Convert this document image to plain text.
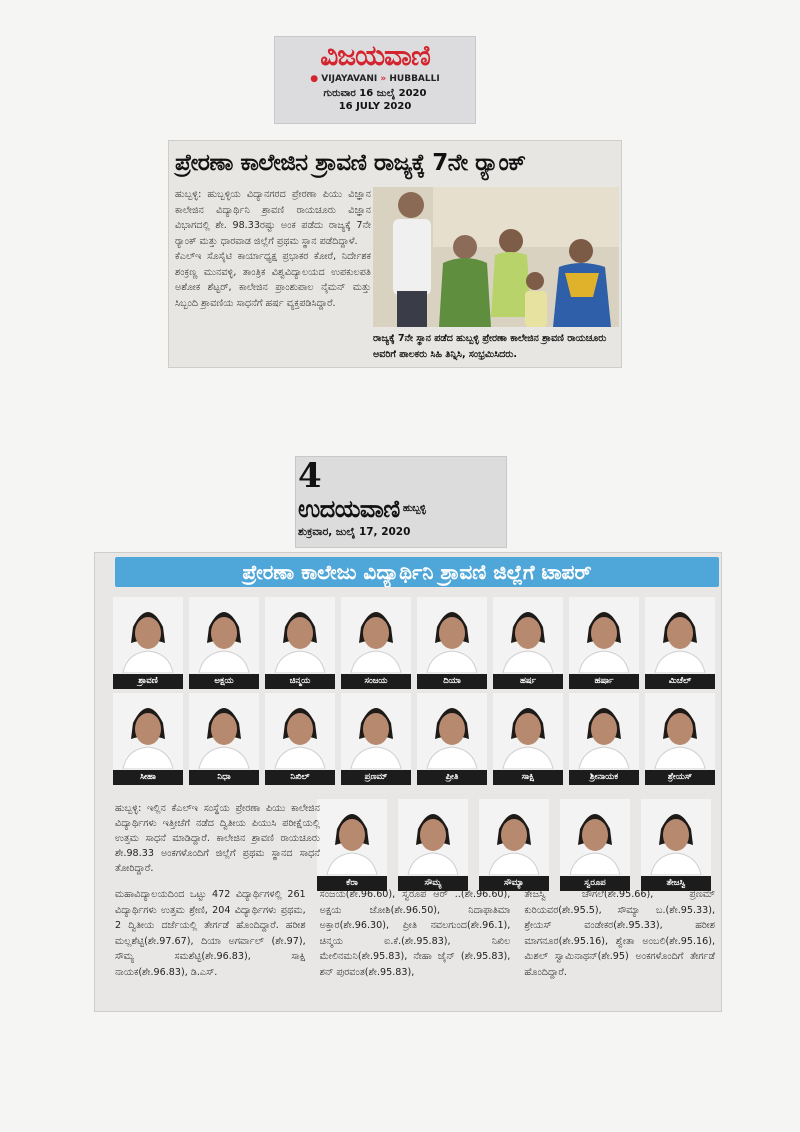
ವಿಜಯವಾಣಿ
● VIJAYAVANI » HUBBALLI
ಗುರುವಾರ 16 ಜುಲೈ 2020
16 JULY 2020
ಪ್ರೇರಣಾ ಕಾಲೇಜಿನ ಶ್ರಾವಣಿ ರಾಜ್ಯಕ್ಕೆ 7ನೇ ರ್‍ಯಾಂಕ್

ಹುಬ್ಬಳ್ಳಿ: ಹುಬ್ಬಳ್ಳಿಯ ವಿದ್ಯಾನಗರದ ಪ್ರೇರಣಾ ಪಿಯು ವಿಜ್ಞಾನ ಕಾಲೇಜಿನ ವಿದ್ಯಾರ್ಥಿನಿ ಶ್ರಾವಣಿ ರಾಯಚೂರು ವಿಜ್ಞಾನ ವಿಭಾಗದಲ್ಲಿ ಶೇ. 98.33ರಷ್ಟು ಅಂಕ ಪಡೆದು ರಾಜ್ಯಕ್ಕೆ 7ನೇ ರ್‍ಯಾಂಕ್ ಮತ್ತು ಧಾರವಾಡ ಜಿಲ್ಲೆಗೆ ಪ್ರಥಮ ಸ್ಥಾನ ಪಡೆದಿದ್ದಾಳೆ.

ಕೆಎಲ್ಇ ಸೊಸೈಟಿ ಕಾರ್ಯಾಧ್ಯಕ್ಷ ಪ್ರಭಾಕರ ಕೋರೆ, ನಿರ್ದೇಶಕ ಶಂಕ್ರಣ್ಣ ಮುನವಳ್ಳಿ, ತಾಂತ್ರಿಕ ವಿಶ್ವವಿದ್ಯಾಲಯದ ಉಪಕುಲಪತಿ ಅಶೋಕ ಶೆಟ್ಟರ್, ಕಾಲೇಜಿನ ಪ್ರಾಂಶುಪಾಲ ನೈಮನ್ ಮತ್ತು ಸಿಬ್ಬಂದಿ ಶ್ರಾವಣಿಯ ಸಾಧನೆಗೆ ಹರ್ಷ ವ್ಯಕ್ತಪಡಿಸಿದ್ದಾರೆ.

ರಾಜ್ಯಕ್ಕೆ 7ನೇ ಸ್ಥಾನ ಪಡೆದ ಹುಬ್ಬಳ್ಳಿ ಪ್ರೇರಣಾ ಕಾಲೇಜಿನ ಶ್ರಾವಣಿ ರಾಯಚೂರು ಅವರಿಗೆ ಪಾಲಕರು ಸಿಹಿ ತಿನ್ನಿಸಿ, ಸಂಭ್ರಮಿಸಿದರು.
4
ಉದಯವಾಣಿ $^{ಹುಬ್ಬಳ್ಳಿ}$
ಶುಕ್ರವಾರ, ಜುಲೈ 17, 2020
ಪ್ರೇರಣಾ ಕಾಲೇಜು ವಿದ್ಯಾರ್ಥಿನಿ ಶ್ರಾವಣಿ ಜಿಲ್ಲೆಗೆ ಟಾಪರ್
ಶ್ರಾವಣಿ	ಅಕ್ಷಯ	ಚಿನ್ಮಯ	ಸಂಜಯ	ದಿಯಾ	ಹರ್ಷ	ಹರ್ಷಾ	ಮಿಚೆಲ್
ಸೀಹಾ	ನಿಧಾ	ನಿಖಿಲ್	ಪ್ರಣಮ್	ಪ್ರೀತಿ	ಸಾಕ್ಷಿ	ಶ್ರೀನಾಯಕ	ಶ್ರೇಯಸ್
ಕೆರಾ	ಸೌಮ್ಯ	ಸೌಮ್ಯಾ	ಸ್ವರೂಪ	ತೇಜಸ್ವಿ
ಹುಬ್ಬಳ್ಳಿ: ಇಲ್ಲಿನ ಕೆಎಲ್ಇ ಸಂಸ್ಥೆಯ ಪ್ರೇರಣಾ ಪಿಯು ಕಾಲೇಜಿನ ವಿದ್ಯಾರ್ಥಿಗಳು ಇತ್ತೀಚೆಗೆ ನಡೆದ ದ್ವಿತೀಯ ಪಿಯುಸಿ ಪರೀಕ್ಷೆಯಲ್ಲಿ ಉತ್ತಮ ಸಾಧನೆ ಮಾಡಿದ್ದಾರೆ. ಕಾಲೇಜಿನ ಶ್ರಾವಣಿ ರಾಯಚೂರು ಶೇ.98.33 ಅಂಕಗಳೊಂದಿಗೆ ಜಿಲ್ಲೆಗೆ ಪ್ರಥಮ ಸ್ಥಾನದ ಸಾಧನೆ ತೋರಿದ್ದಾರೆ.
ಮಹಾವಿದ್ಯಾಲಯದಿಂದ ಒಟ್ಟು 472 ವಿದ್ಯಾರ್ಥಿಗಳಲ್ಲಿ 261 ವಿದ್ಯಾರ್ಥಿಗಳು ಉತ್ತಮ ಶ್ರೇಣಿ, 204 ವಿದ್ಯಾರ್ಥಿಗಳು ಪ್ರಥಮ, 2 ದ್ವಿತೀಯ ದರ್ಜೆಯಲ್ಲಿ ತೇರ್ಗಡೆ ಹೊಂದಿದ್ದಾರೆ. ಹರೀಶ ಮಲ್ಲಶೆಟ್ಟಿ(ಶೇ.97.67), ದಿಯಾ ಅಗರ್ವಾಲ್ (ಶೇ.97), ಸೌಮ್ಯ ಸಮಶೆಟ್ಟಿ(ಶೇ.96.83), ಸಾಕ್ಷಿ ನಾಯಕ(ಶೇ.96.83), ಡಿ.ಎಸ್.
ಸಂಜಯ(ಶೇ.96.60), ಸ್ವರೂಪ ಆರ್ ..(ಶೇ.96.60), ಅಕ್ಷಯ ಜೋಶಿ(ಶೇ.96.50), ನಿದಾಫಾತಿಮಾ ಅಕ್ತಾರ(ಶೇ.96.30), ಪ್ರೀತಿ ನವಲಗುಂದ(ಶೇ.96.1), ಚಿನ್ಮಯ ಐ.ಕೆ.(ಶೇ.95.83), ನಿಖಿಲ ಮೇಲಿನಮನಿ(ಶೇ.95.83), ನೇಹಾ ಜೈನ್ (ಶೇ.95.83), ಶನ್ ಪುರವಂತ(ಶೇ.95.83),
ತೇಜಸ್ವಿ ಚೌಗಲೆ(ಶೇ.95.66), ಪ್ರಣಮ್ ಕುರಿಯವರ(ಶೇ.95.5), ಸೌಮ್ಯಾ ಬ.(ಶೇ.95.33), ಶ್ರೇಯಸ್ ವಂಡೇಕರ(ಶೇ.95.33), ಹರೀಶ ಮಾಗನೂರ(ಶೇ.95.16), ಶ್ವೇತಾ ಅಂಬಲಿ(ಶೇ.95.16), ಮಿಶಲ್ ಸ್ವಾಮಿನಾಥನ್(ಶೇ.95) ಅಂಕಗಳೊಂದಿಗೆ ತೇರ್ಗಡೆ ಹೊಂದಿದ್ದಾರೆ.
